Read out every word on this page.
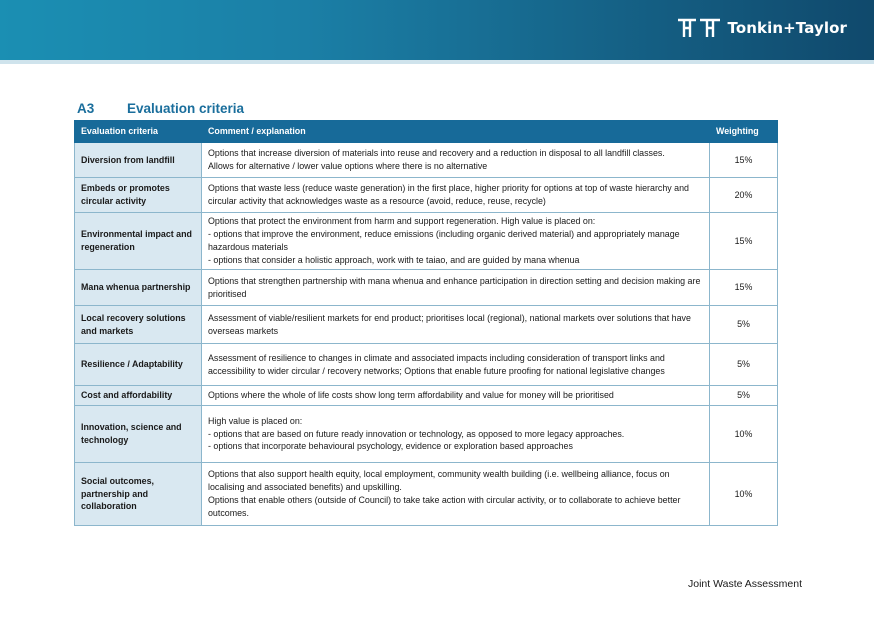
Tonkin+Taylor
A3	Evaluation criteria
Evaluation criteria	Comment / explanation	Weighting
Diversion from landfill	Options that increase diversion of materials into reuse and recovery and a reduction in disposal to all landfill classes.
Allows for alternative / lower value options where there is no alternative	15%
Embeds or promotes circular activity	Options that waste less (reduce waste generation) in the first place, higher priority for options at top of waste hierarchy and circular activity that acknowledges waste as a resource (avoid, reduce, reuse, recycle)	20%
Environmental impact and regeneration	Options that protect the environment from harm and support regeneration. High value is placed on:
- options that improve the environment, reduce emissions (including organic derived material) and appropriately manage hazardous materials
- options that consider a holistic approach, work with te taiao, and are guided by mana whenua	15%
Mana whenua partnership	Options that strengthen partnership with mana whenua and enhance participation in direction setting and decision making are prioritised	15%
Local recovery solutions and markets	Assessment of viable/resilient markets for end product; prioritises local (regional), national markets over solutions that have overseas markets	5%
Resilience / Adaptability	Assessment of resilience to changes in climate and associated impacts including consideration of transport links and accessibility to wider circular / recovery networks; Options that enable future proofing for national legislative changes	5%
Cost and affordability	Options where the whole of life costs show long term affordability and value for money will be prioritised	5%
Innovation, science and technology	High value is placed on:
- options that are based on future ready innovation or technology, as opposed to more legacy approaches.
- options that incorporate behavioural psychology, evidence or exploration based approaches	10%
Social outcomes, partnership and collaboration	Options that also support health equity, local employment, community wealth building (i.e. wellbeing alliance, focus on localising and associated benefits) and upskilling.
Options that enable others (outside of Council) to take take action with circular activity, or to collaborate to achieve better outcomes.	10%
Joint Waste Assessment
